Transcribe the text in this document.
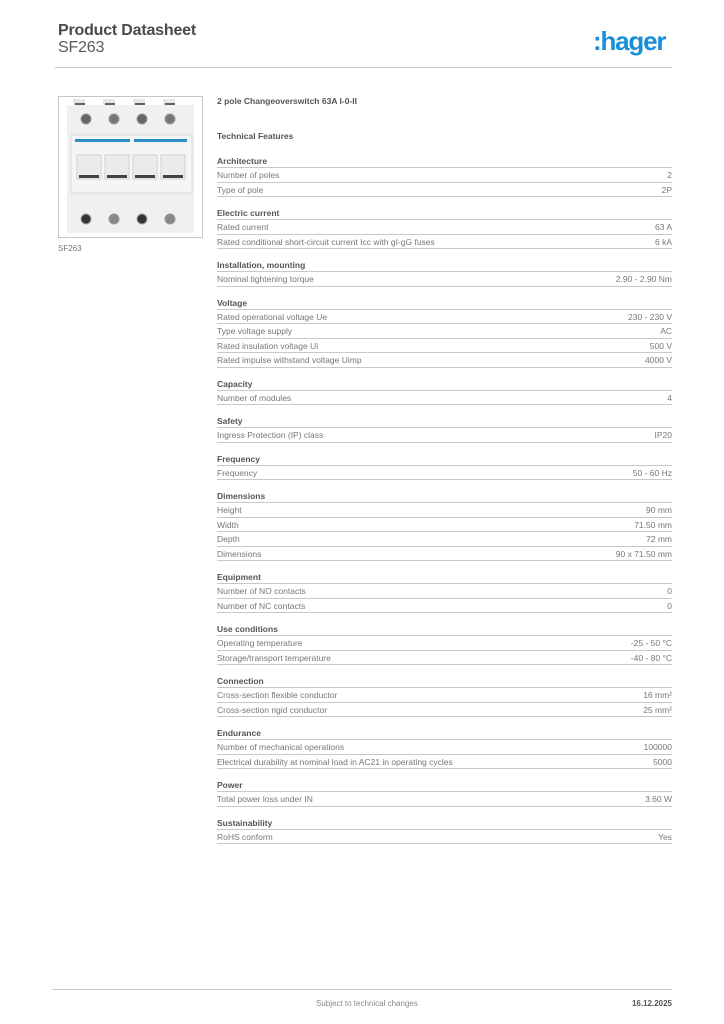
Product Datasheet
SF263	:hager
SF263
2 pole Changeoverswitch 63A I-0-II
Technical Features
Architecture
Number of poles	2
Type of pole	2P
Electric current
Rated current	63 A
Rated conditional short-circuit current Icc with gI-gG fuses	6 kA
Installation, mounting
Nominal tightening torque	2.90 - 2.90 Nm
Voltage
Rated operational voltage Ue	230 - 230 V
Type voltage supply	AC
Rated insulation voltage Ui	500 V
Rated impulse withstand voltage Uimp	4000 V
Capacity
Number of modules	4
Safety
Ingress Protection (IP) class	IP20
Frequency
Frequency	50 - 60 Hz
Dimensions
Height	90 mm
Width	71.50 mm
Depth	72 mm
Dimensions	90 x 71.50 mm
Equipment
Number of NO contacts	0
Number of NC contacts	0
Use conditions
Operating temperature	-25 - 50 °C
Storage/transport temperature	-40 - 80 °C
Connection
Cross-section flexible conductor	16 mm²
Cross-section rigid conductor	25 mm²
Endurance
Number of mechanical operations	100000
Electrical durability at nominal load in AC21 in operating cycles	5000
Power
Total power loss under IN	3.60 W
Sustainability
RoHS conform	Yes
Subject to technical changes	16.12.2025
